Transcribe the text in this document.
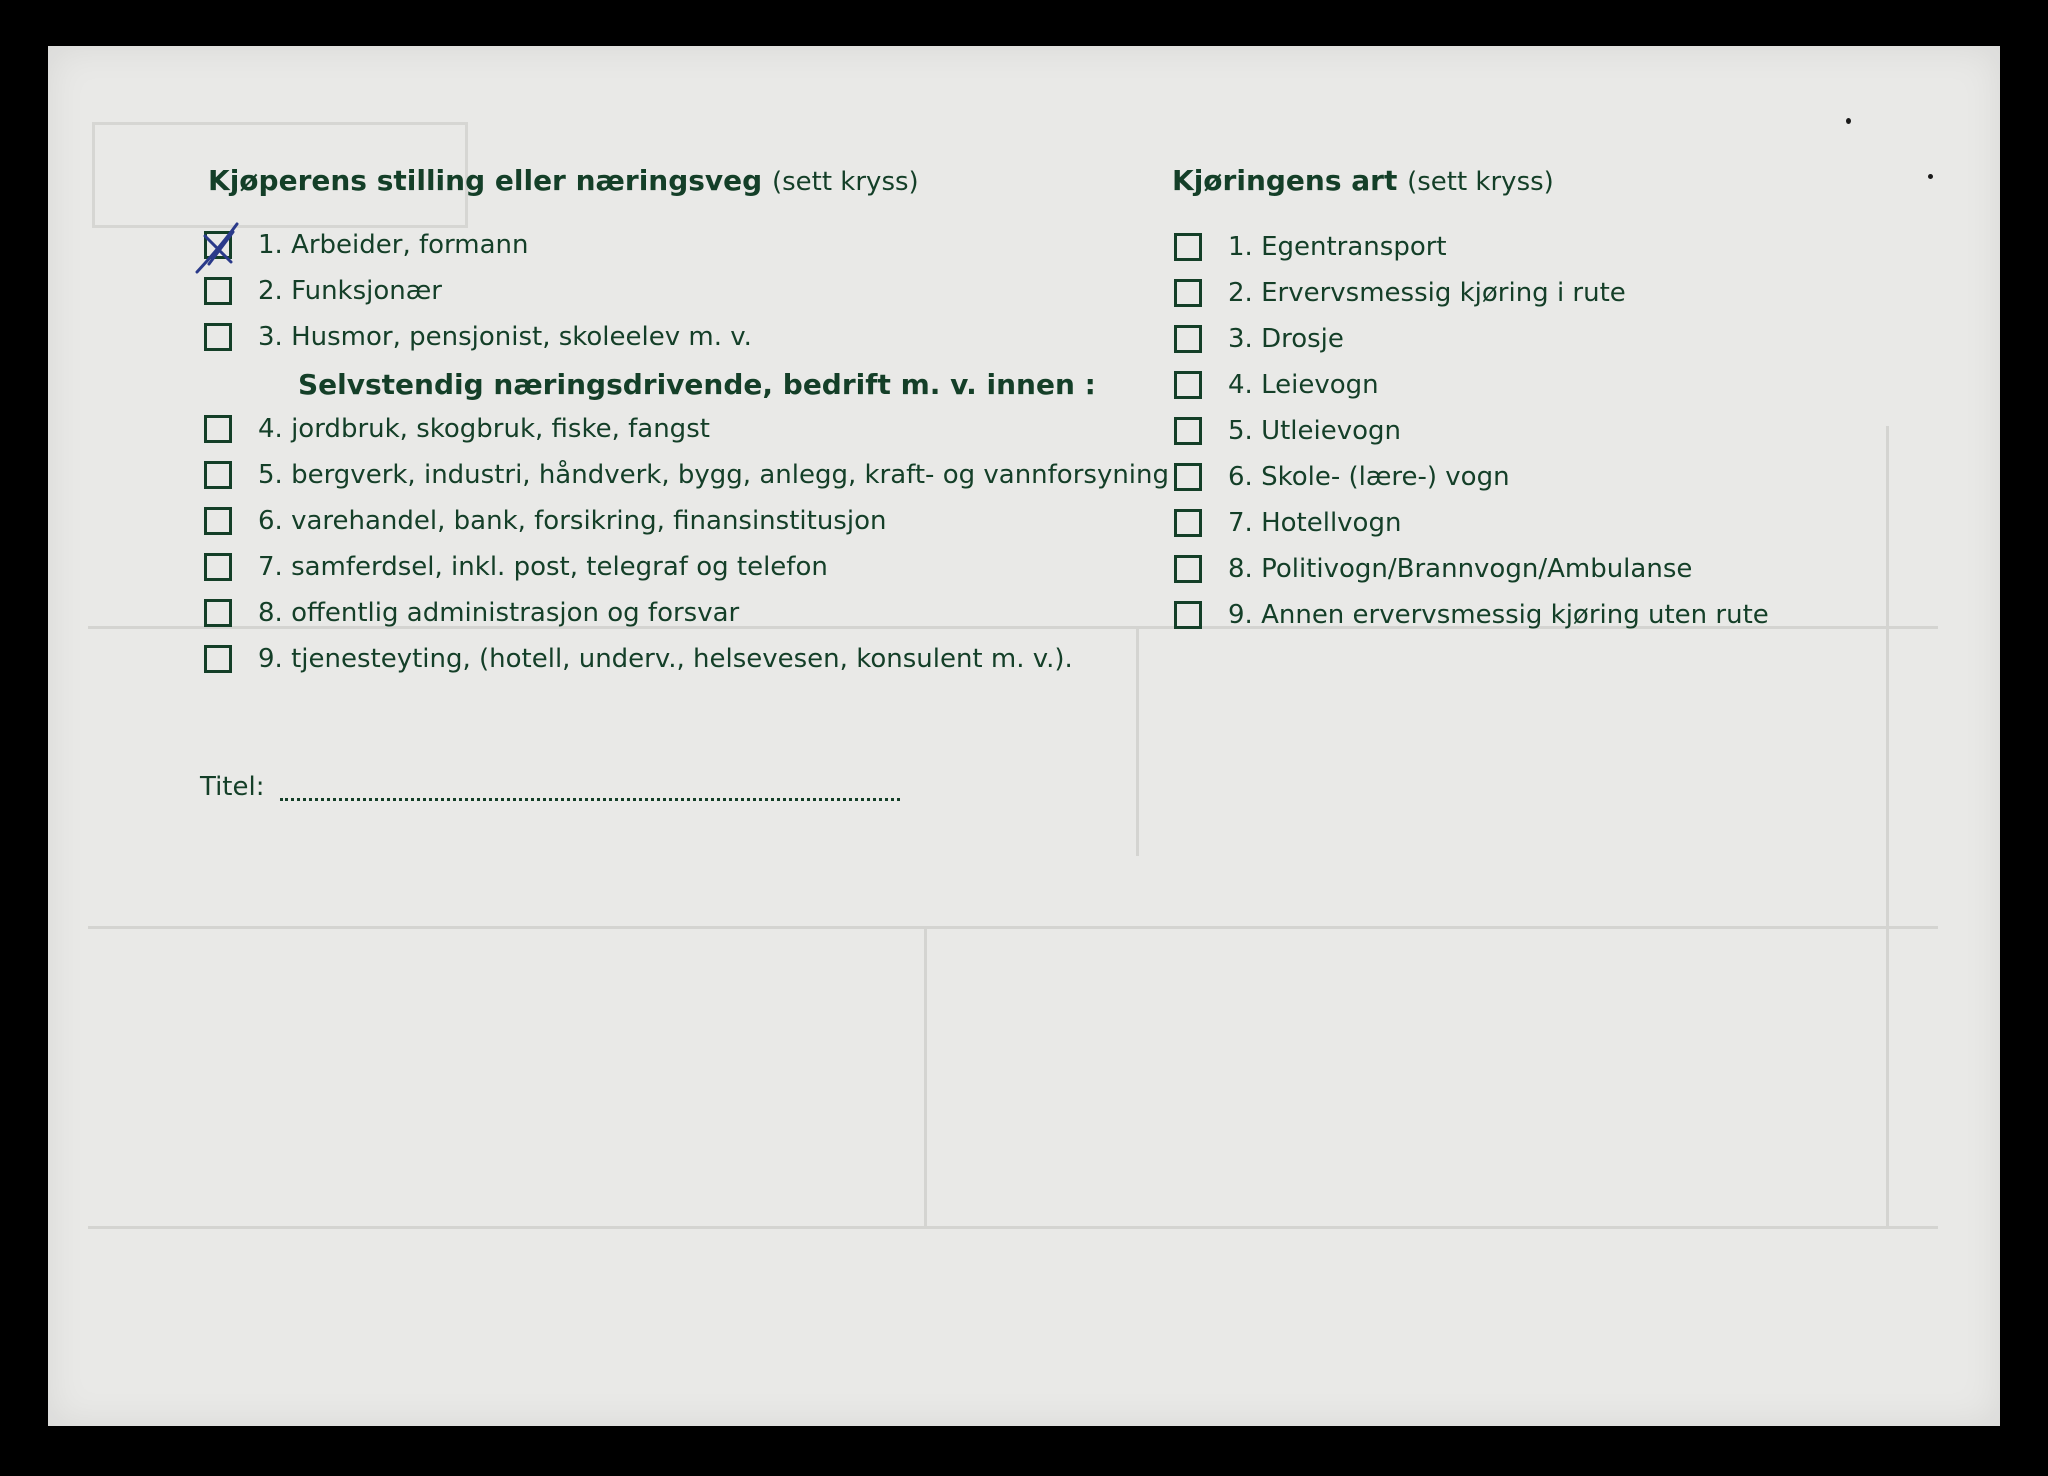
Kjøperens stilling eller næringsveg (sett kryss)
1. Arbeider, formann
2. Funksjonær
3. Husmor, pensjonist, skoleelev m. v.
Selvstendig næringsdrivende, bedrift m. v. innen :
4. jordbruk, skogbruk, fiske, fangst
5. bergverk, industri, håndverk, bygg, anlegg, kraft- og vannforsyning
6. varehandel, bank, forsikring, finansinstitusjon
7. samferdsel, inkl. post, telegraf og telefon
8. offentlig administrasjon og forsvar
9. tjenesteyting, (hotell, underv., helsevesen, konsulent m. v.).
Titel:
Kjøringens art (sett kryss)
1. Egentransport
2. Ervervsmessig kjøring i rute
3. Drosje
4. Leievogn
5. Utleievogn
6. Skole- (lære-) vogn
7. Hotellvogn
8. Politivogn/Brannvogn/Ambulanse
9. Annen ervervsmessig kjøring uten rute
